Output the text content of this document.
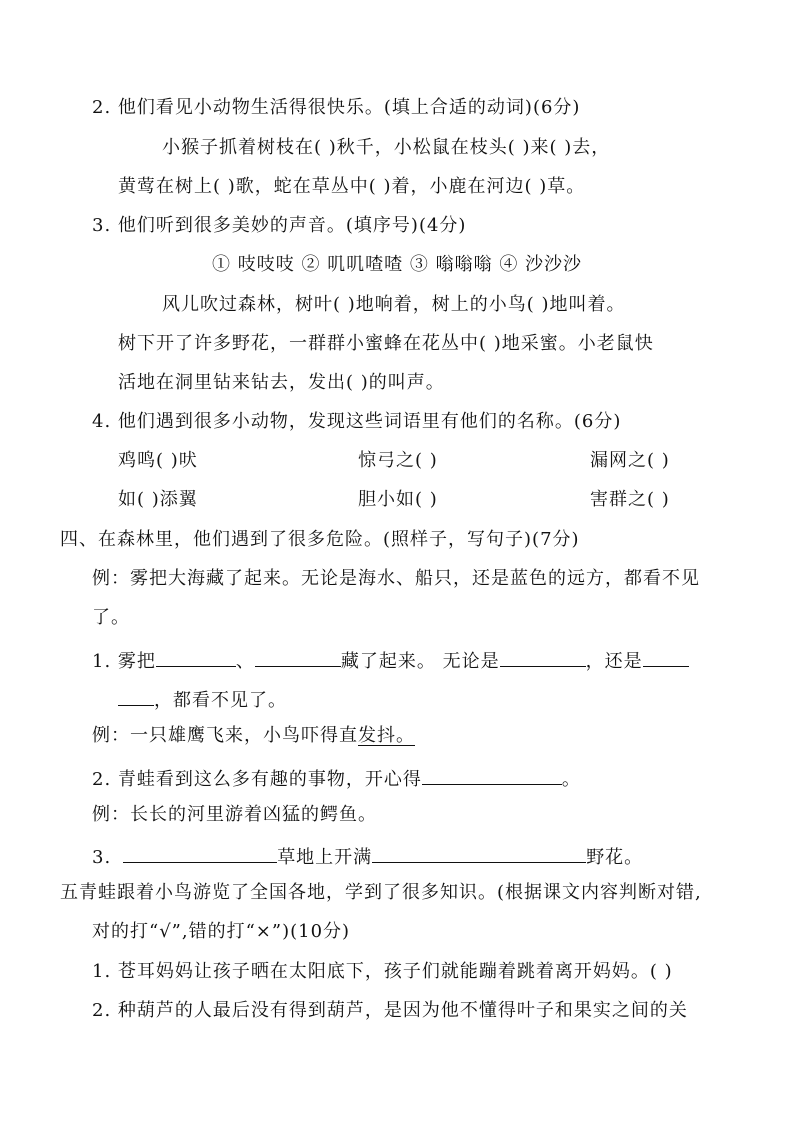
2. 他们看见小动物生活得很快乐。(填上合适的动词)(6分)
小猴子抓着树枝在( )秋千，小松鼠在枝头( )来( )去，
黄莺在树上( )歌，蛇在草丛中( )着，小鹿在河边( )草。
3. 他们听到很多美妙的声音。(填序号)(4分)
① 吱吱吱 ② 叽叽喳喳 ③ 嗡嗡嗡 ④ 沙沙沙
风儿吹过森林，树叶( )地响着，树上的小鸟( )地叫着。
树下开了许多野花，一群群小蜜蜂在花丛中( )地采蜜。小老鼠快
活地在洞里钻来钻去，发出( )的叫声。
4. 他们遇到很多小动物，发现这些词语里有他们的名称。(6分)
鸡鸣( )吠	惊弓之( )	漏网之( )
如( )添翼	胆小如( )	害群之( )
四、在森林里，他们遇到了很多危险。(照样子，写句子)(7分)
例：雾把大海藏了起来。无论是海水、船只，还是蓝色的远方，都看不见
了。
1. 雾把	、	藏了起来。 无论是	，还是
，都看不见了。
例：一只雄鹰飞来，小鸟吓得直发抖。
2. 青蛙看到这么多有趣的事物，开心得	。
例：长长的河里游着凶猛的鳄鱼。
3.	草地上开满	野花。
五青蛙跟着小鸟游览了全国各地，学到了很多知识。(根据课文内容判断对错,
对的打“√”,错的打“×”)(10分)
1. 苍耳妈妈让孩子晒在太阳底下，孩子们就能蹦着跳着离开妈妈。( )
2. 种葫芦的人最后没有得到葫芦，是因为他不懂得叶子和果实之间的关
